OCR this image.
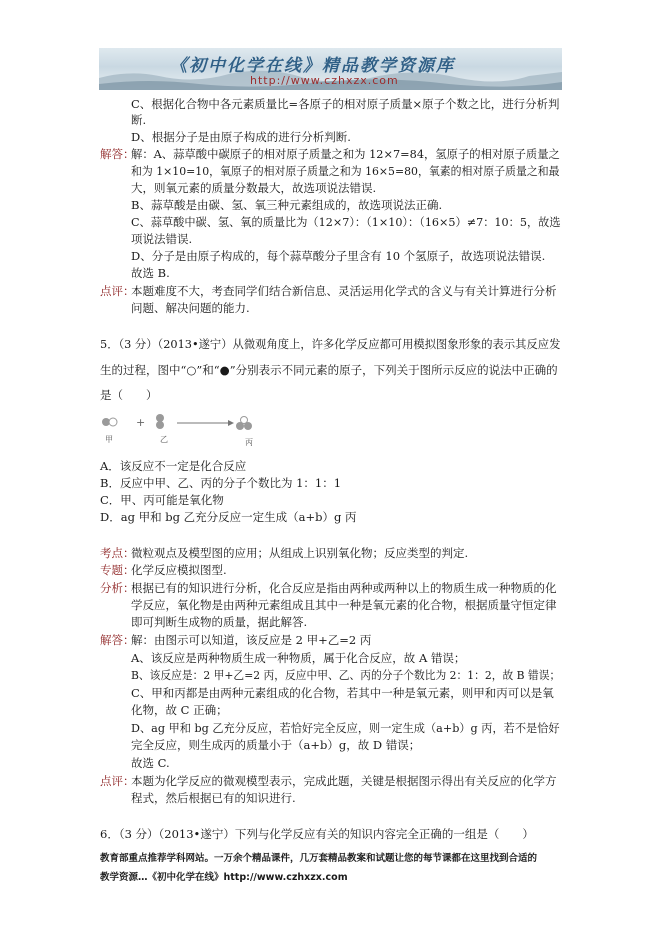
《初中化学在线》精品教学资源库
http://www.czhxzx.com
C、根据化合物中各元素质量比=各原子的相对原子质量×原子个数之比，进行分析判
断.
D、根据分子是由原子构成的进行分析判断.
解答：
解：A、蒜草酸中碳原子的相对原子质量之和为 12×7=84，氢原子的相对原子质量之
和为 1×10=10，氧原子的相对原子质量之和为 16×5=80，氧素的相对原子质量之和最
大，则氧元素的质量分数最大，故选项说法错误.
B、蒜草酸是由碳、氢、氧三种元素组成的，故选项说法正确.
C、蒜草酸中碳、氢、氧的质量比为（12×7）：（1×10）：（16×5）≠7：10：5，故选
项说法错误.
D、分子是由原子构成的，每个蒜草酸分子里含有 10 个氢原子，故选项说法错误.
故选 B.
点评：
本题难度不大，考查同学们结合新信息、灵活运用化学式的含义与有关计算进行分析
问题、解决问题的能力.
5．（3 分）（2013•遂宁）从微观角度上，许多化学反应都可用模拟图象形象的表示其反应发
生的过程，图中“○”和“●”分别表示不同元素的原子，下列关于图所示反应的说法中正确的
是（　　）
+
甲	乙	丙
A．该反应不一定是化合反应
B．反应中甲、乙、丙的分子个数比为 1：1：1
C．甲、丙可能是氧化物
D．ag 甲和 bg 乙充分反应一定生成（a+b）g 丙
考点：
微粒观点及模型图的应用；从组成上识别氧化物；反应类型的判定.
专题：
化学反应模拟图型.
分析：
根据已有的知识进行分析，化合反应是指由两种或两种以上的物质生成一种物质的化
学反应，氧化物是由两种元素组成且其中一种是氧元素的化合物，根据质量守恒定律
即可判断生成物的质量，据此解答.
解答：
解：由图示可以知道，该反应是 2 甲+乙=2 丙
A、该反应是两种物质生成一种物质，属于化合反应，故 A 错误；
B、该反应是：2 甲+乙=2 丙，反应中甲、乙、丙的分子个数比为 2：1：2，故 B 错误；
C、甲和丙都是由两种元素组成的化合物，若其中一种是氧元素，则甲和丙可以是氧
化物，故 C 正确；
D、ag 甲和 bg 乙充分反应，若恰好完全反应，则一定生成（a+b）g 丙，若不是恰好
完全反应，则生成丙的质量小于（a+b）g，故 D 错误；
故选 C.
点评：
本题为化学反应的微观模型表示，完成此题，关键是根据图示得出有关反应的化学方
程式，然后根据已有的知识进行.
6．（3 分）（2013•遂宁）下列与化学反应有关的知识内容完全正确的一组是（　　）
教育部重点推荐学科网站。一万余个精品课件，几万套精品教案和试题让您的每节课都在这里找到合适的
教学资源…《初中化学在线》http://www.czhxzx.com
